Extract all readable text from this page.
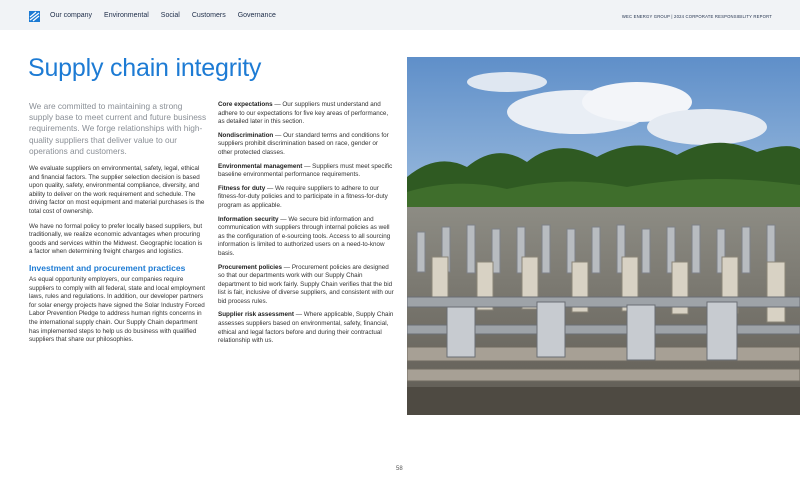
Our company Environmental Social Customers Governance	WEC ENERGY GROUP | 2024 CORPORATE RESPONSIBILITY REPORT
Supply chain integrity

We are committed to maintaining a strong supply base to meet current and future business requirements. We forge relationships with high-quality suppliers that deliver value to our operations and customers.

We evaluate suppliers on environmental, safety, legal, ethical and financial factors. The supplier selection decision is based upon quality, safety, environmental compliance, diversity, and ability to deliver on the work requirement and schedule. The driving factor on most equipment and material purchases is the total cost of ownership.

We have no formal policy to prefer locally based suppliers, but traditionally, we realize economic advantages when procuring goods and services within the Midwest. Geographic location is a factor when determining freight charges and logistics.

Investment and procurement practices

As equal opportunity employers, our companies require suppliers to comply with all federal, state and local employment laws, rules and regulations. In addition, our developer partners for solar energy projects have signed the Solar Industry Forced Labor Prevention Pledge to address human rights concerns in the international supply chain. Our Supply Chain department has implemented steps to help us do business with qualified suppliers that share our philosophies.

Core expectations — Our suppliers must understand and adhere to our expectations for five key areas of performance, as detailed later in this section.

Nondiscrimination — Our standard terms and conditions for suppliers prohibit discrimination based on race, gender or other protected classes.

Environmental management — Suppliers must meet specific baseline environmental performance requirements.

Fitness for duty — We require suppliers to adhere to our fitness-for-duty policies and to participate in a fitness-for-duty program as applicable.

Information security — We secure bid information and communication with suppliers through internal policies as well as the configuration of e-sourcing tools. Access to all sourcing information is limited to authorized users on a need-to-know basis.

Procurement policies — Procurement policies are designed so that our departments work with our Supply Chain department to bid work fairly. Supply Chain verifies that the bid list is fair, inclusive of diverse suppliers, and consistent with our bid process rules.

Supplier risk assessment — Where applicable, Supply Chain assesses suppliers based on environmental, safety, financial, ethical and legal factors before and during their contractual relationship with us.

58
